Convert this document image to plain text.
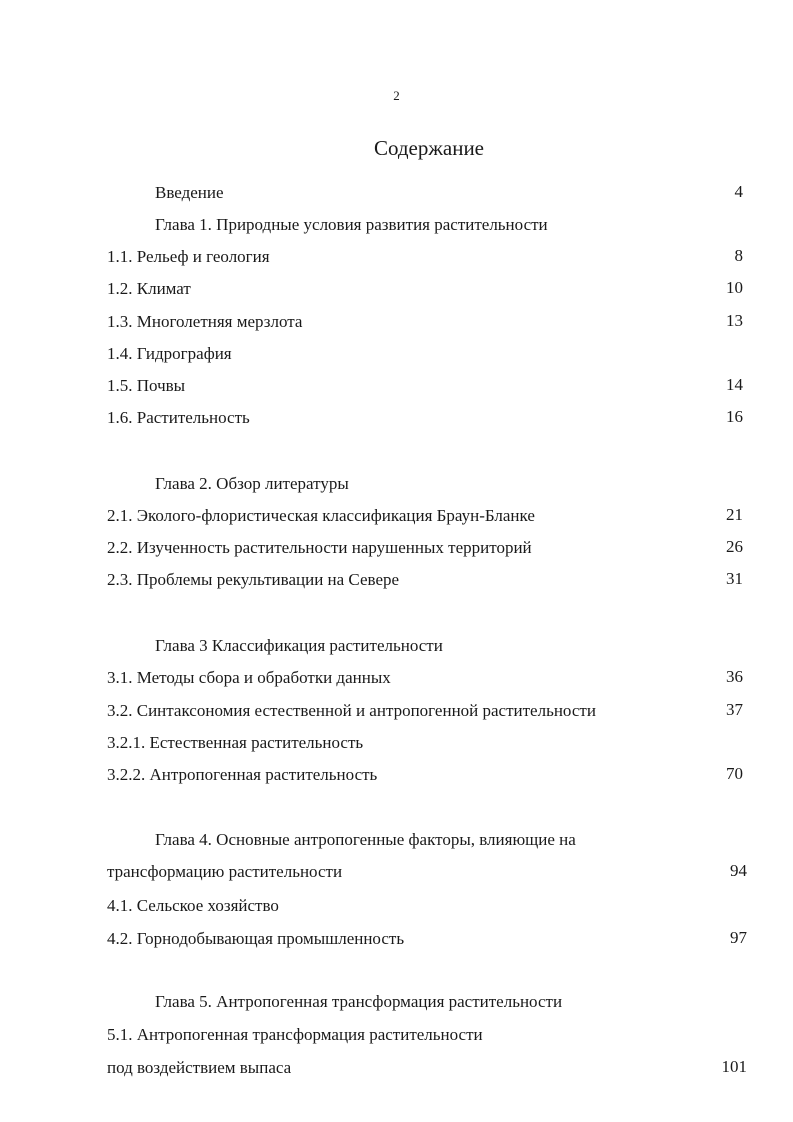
2
Содержание
Введение	4
Глава 1. Природные условия развития растительности
1.1. Рельеф и геология	8
1.2. Климат	10
1.3. Многолетняя мерзлота	13
1.4. Гидрография
1.5. Почвы	14
1.6. Растительность	16
Глава 2. Обзор литературы
2.1. Эколого-флористическая классификация Браун-Бланке	21
2.2. Изученность растительности нарушенных территорий	26
2.3. Проблемы рекультивации на Севере	31
Глава 3 Классификация растительности
3.1. Методы сбора и обработки данных	36
3.2. Синтаксономия естественной и антропогенной растительности	37
3.2.1. Естественная растительность
3.2.2. Антропогенная растительность	70
Глава 4. Основные антропогенные факторы, влияющие на
трансформацию растительности	94
4.1. Сельское хозяйство
4.2. Горнодобывающая промышленность	97
Глава 5. Антропогенная трансформация растительности
5.1. Антропогенная трансформация растительности
под воздействием выпаса	101
